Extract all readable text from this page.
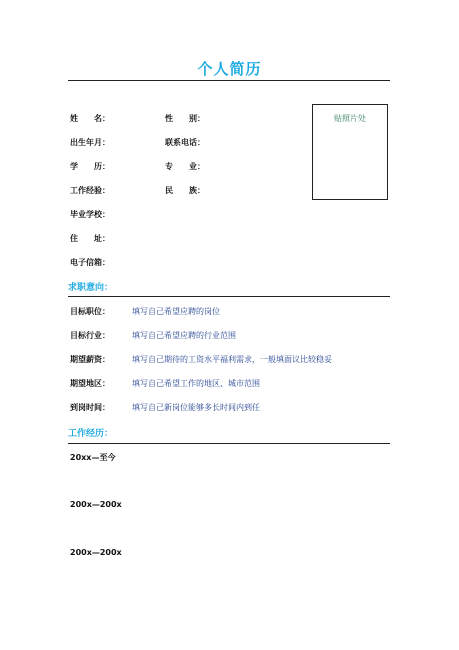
个人简历
姓　　名：	性　　别：
出生年月：	联系电话：
学　　历：	专　　业：
工作经验：	民　　族：
毕业学校：
住　　址：
电子信箱：
贴照片处
求职意向：
目标职位：	填写自己希望应聘的岗位
目标行业：	填写自己希望应聘的行业范围
期望薪资：	填写自己期待的工资水平福利需求，一般填面议比较稳妥
期望地区：	填写自己希望工作的地区、城市范围
到岗时间：	填写自己新岗位能够多长时间内到任
工作经历：
20xx—至今
200x—200x
200x—200x
